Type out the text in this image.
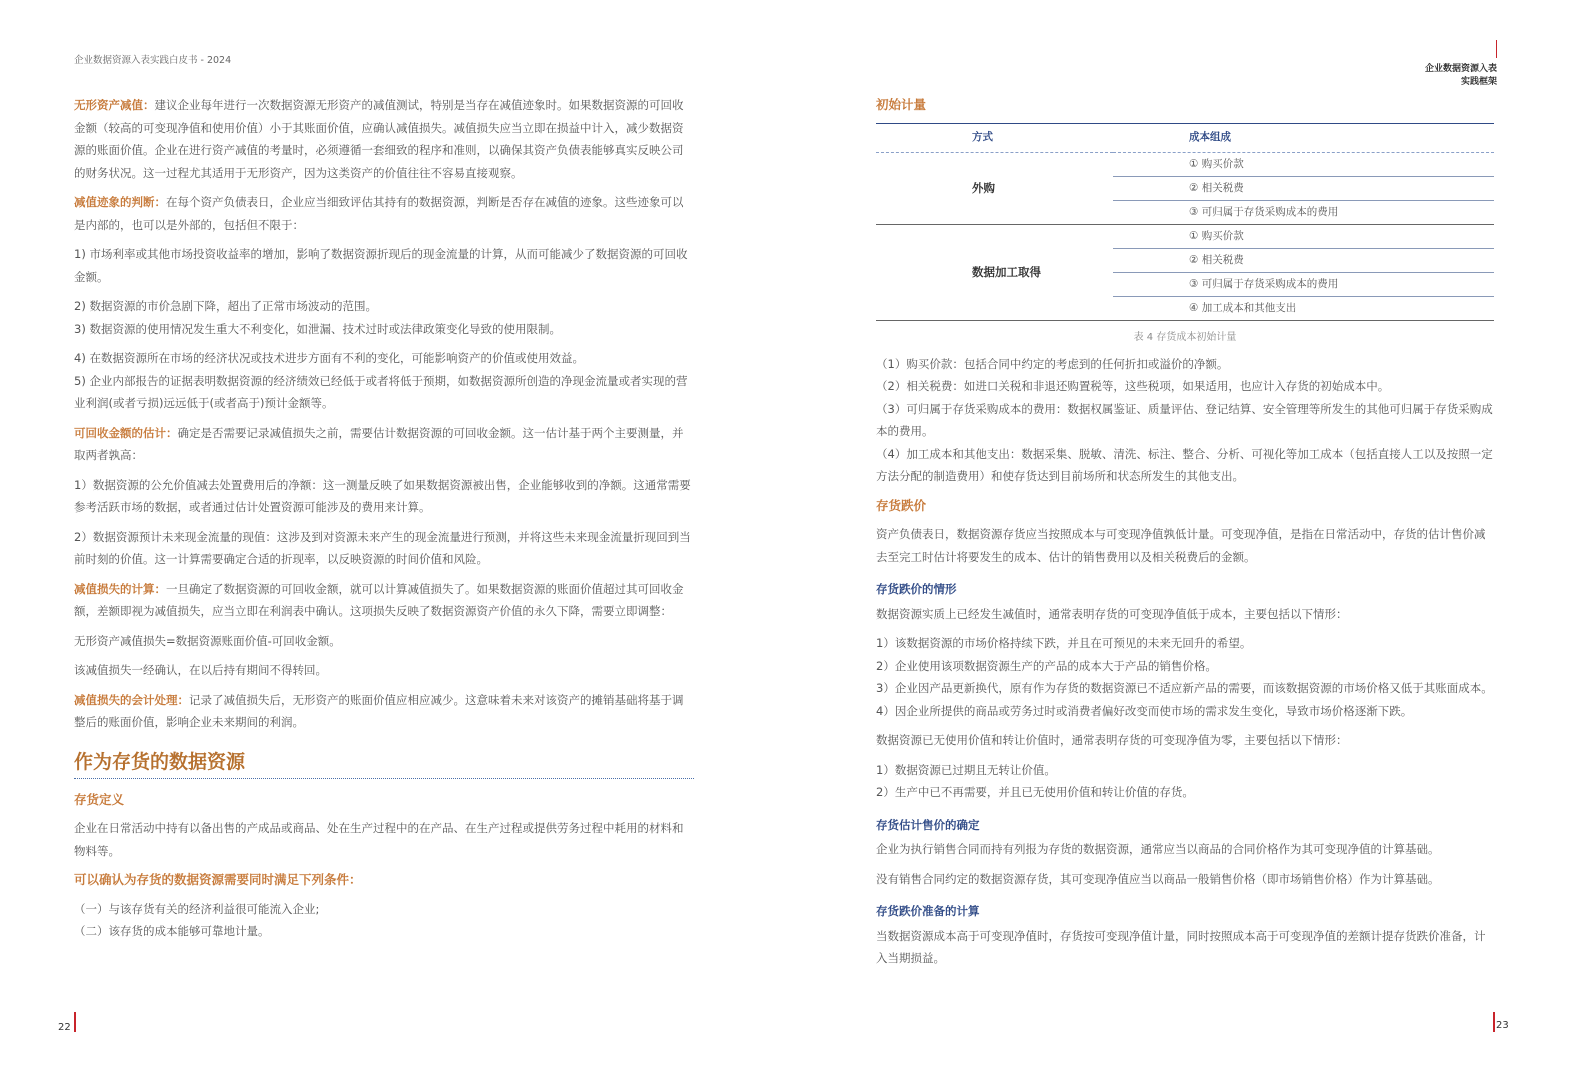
企业数据资源入表实践白皮书 - 2024

无形资产减值：建议企业每年进行一次数据资源无形资产的减值测试，特别是当存在减值迹象时。如果数据资源的可回收金额（较高的可变现净值和使用价值）小于其账面价值，应确认减值损失。减值损失应当立即在损益中计入，减少数据资源的账面价值。企业在进行资产减值的考量时，必须遵循一套细致的程序和准则，以确保其资产负债表能够真实反映公司的财务状况。这一过程尤其适用于无形资产，因为这类资产的价值往往不容易直接观察。

减值迹象的判断：在每个资产负债表日，企业应当细致评估其持有的数据资源，判断是否存在减值的迹象。这些迹象可以是内部的，也可以是外部的，包括但不限于：

1) 市场利率或其他市场投资收益率的增加，影响了数据资源折现后的现金流量的计算，从而可能减少了数据资源的可回收金额。

2) 数据资源的市价急剧下降，超出了正常市场波动的范围。

3) 数据资源的使用情况发生重大不利变化，如泄漏、技术过时或法律政策变化导致的使用限制。

4) 在数据资源所在市场的经济状况或技术进步方面有不利的变化，可能影响资产的价值或使用效益。

5) 企业内部报告的证据表明数据资源的经济绩效已经低于或者将低于预期，如数据资源所创造的净现金流量或者实现的营业利润(或者亏损)远远低于(或者高于)预计金额等。

可回收金额的估计：确定是否需要记录减值损失之前，需要估计数据资源的可回收金额。这一估计基于两个主要测量，并取两者孰高：

1）数据资源的公允价值减去处置费用后的净额：这一测量反映了如果数据资源被出售，企业能够收到的净额。这通常需要参考活跃市场的数据，或者通过估计处置资源可能涉及的费用来计算。

2）数据资源预计未来现金流量的现值：这涉及到对资源未来产生的现金流量进行预测，并将这些未来现金流量折现回到当前时刻的价值。这一计算需要确定合适的折现率，以反映资源的时间价值和风险。

减值损失的计算：一旦确定了数据资源的可回收金额，就可以计算减值损失了。如果数据资源的账面价值超过其可回收金额，差额即视为减值损失，应当立即在利润表中确认。这项损失反映了数据资源资产价值的永久下降，需要立即调整：

无形资产减值损失=数据资源账面价值-可回收金额。

该减值损失一经确认，在以后持有期间不得转回。

减值损失的会计处理：记录了减值损失后，无形资产的账面价值应相应减少。这意味着未来对该资产的摊销基础将基于调整后的账面价值，影响企业未来期间的利润。

作为存货的数据资源
存货定义

企业在日常活动中持有以备出售的产成品或商品、处在生产过程中的在产品、在生产过程或提供劳务过程中耗用的材料和物料等。

可以确认为存货的数据资源需要同时满足下列条件：

（一）与该存货有关的经济利益很可能流入企业;

（二）该存货的成本能够可靠地计量。

22
企业数据资源入表
实践框架
初始计量
方式	成本组成
外购	① 购买价款
	② 相关税费
	③ 可归属于存货采购成本的费用
数据加工取得	① 购买价款
	② 相关税费
	③ 可归属于存货采购成本的费用
	④ 加工成本和其他支出
表 4 存货成本初始计量

（1）购买价款：包括合同中约定的考虑到的任何折扣或溢价的净额。

（2）相关税费：如进口关税和非退还购置税等，这些税项，如果适用，也应计入存货的初始成本中。

（3）可归属于存货采购成本的费用：数据权属鉴证、质量评估、登记结算、安全管理等所发生的其他可归属于存货采购成本的费用。

（4）加工成本和其他支出：数据采集、脱敏、清洗、标注、整合、分析、可视化等加工成本（包括直接人工以及按照一定方法分配的制造费用）和使存货达到目前场所和状态所发生的其他支出。

存货跌价

资产负债表日，数据资源存货应当按照成本与可变现净值孰低计量。可变现净值，是指在日常活动中，存货的估计售价减去至完工时估计将要发生的成本、估计的销售费用以及相关税费后的金额。

存货跌价的情形

数据资源实质上已经发生减值时，通常表明存货的可变现净值低于成本，主要包括以下情形：

1）该数据资源的市场价格持续下跌，并且在可预见的未来无回升的希望。

2）企业使用该项数据资源生产的产品的成本大于产品的销售价格。

3）企业因产品更新换代，原有作为存货的数据资源已不适应新产品的需要，而该数据资源的市场价格又低于其账面成本。

4）因企业所提供的商品或劳务过时或消费者偏好改变而使市场的需求发生变化，导致市场价格逐渐下跌。

数据资源已无使用价值和转让价值时，通常表明存货的可变现净值为零，主要包括以下情形：

1）数据资源已过期且无转让价值。

2）生产中已不再需要，并且已无使用价值和转让价值的存货。

存货估计售价的确定

企业为执行销售合同而持有列报为存货的数据资源，通常应当以商品的合同价格作为其可变现净值的计算基础。

没有销售合同约定的数据资源存货，其可变现净值应当以商品一般销售价格（即市场销售价格）作为计算基础。

存货跌价准备的计算

当数据资源成本高于可变现净值时，存货按可变现净值计量，同时按照成本高于可变现净值的差额计提存货跌价准备，计入当期损益。

23
